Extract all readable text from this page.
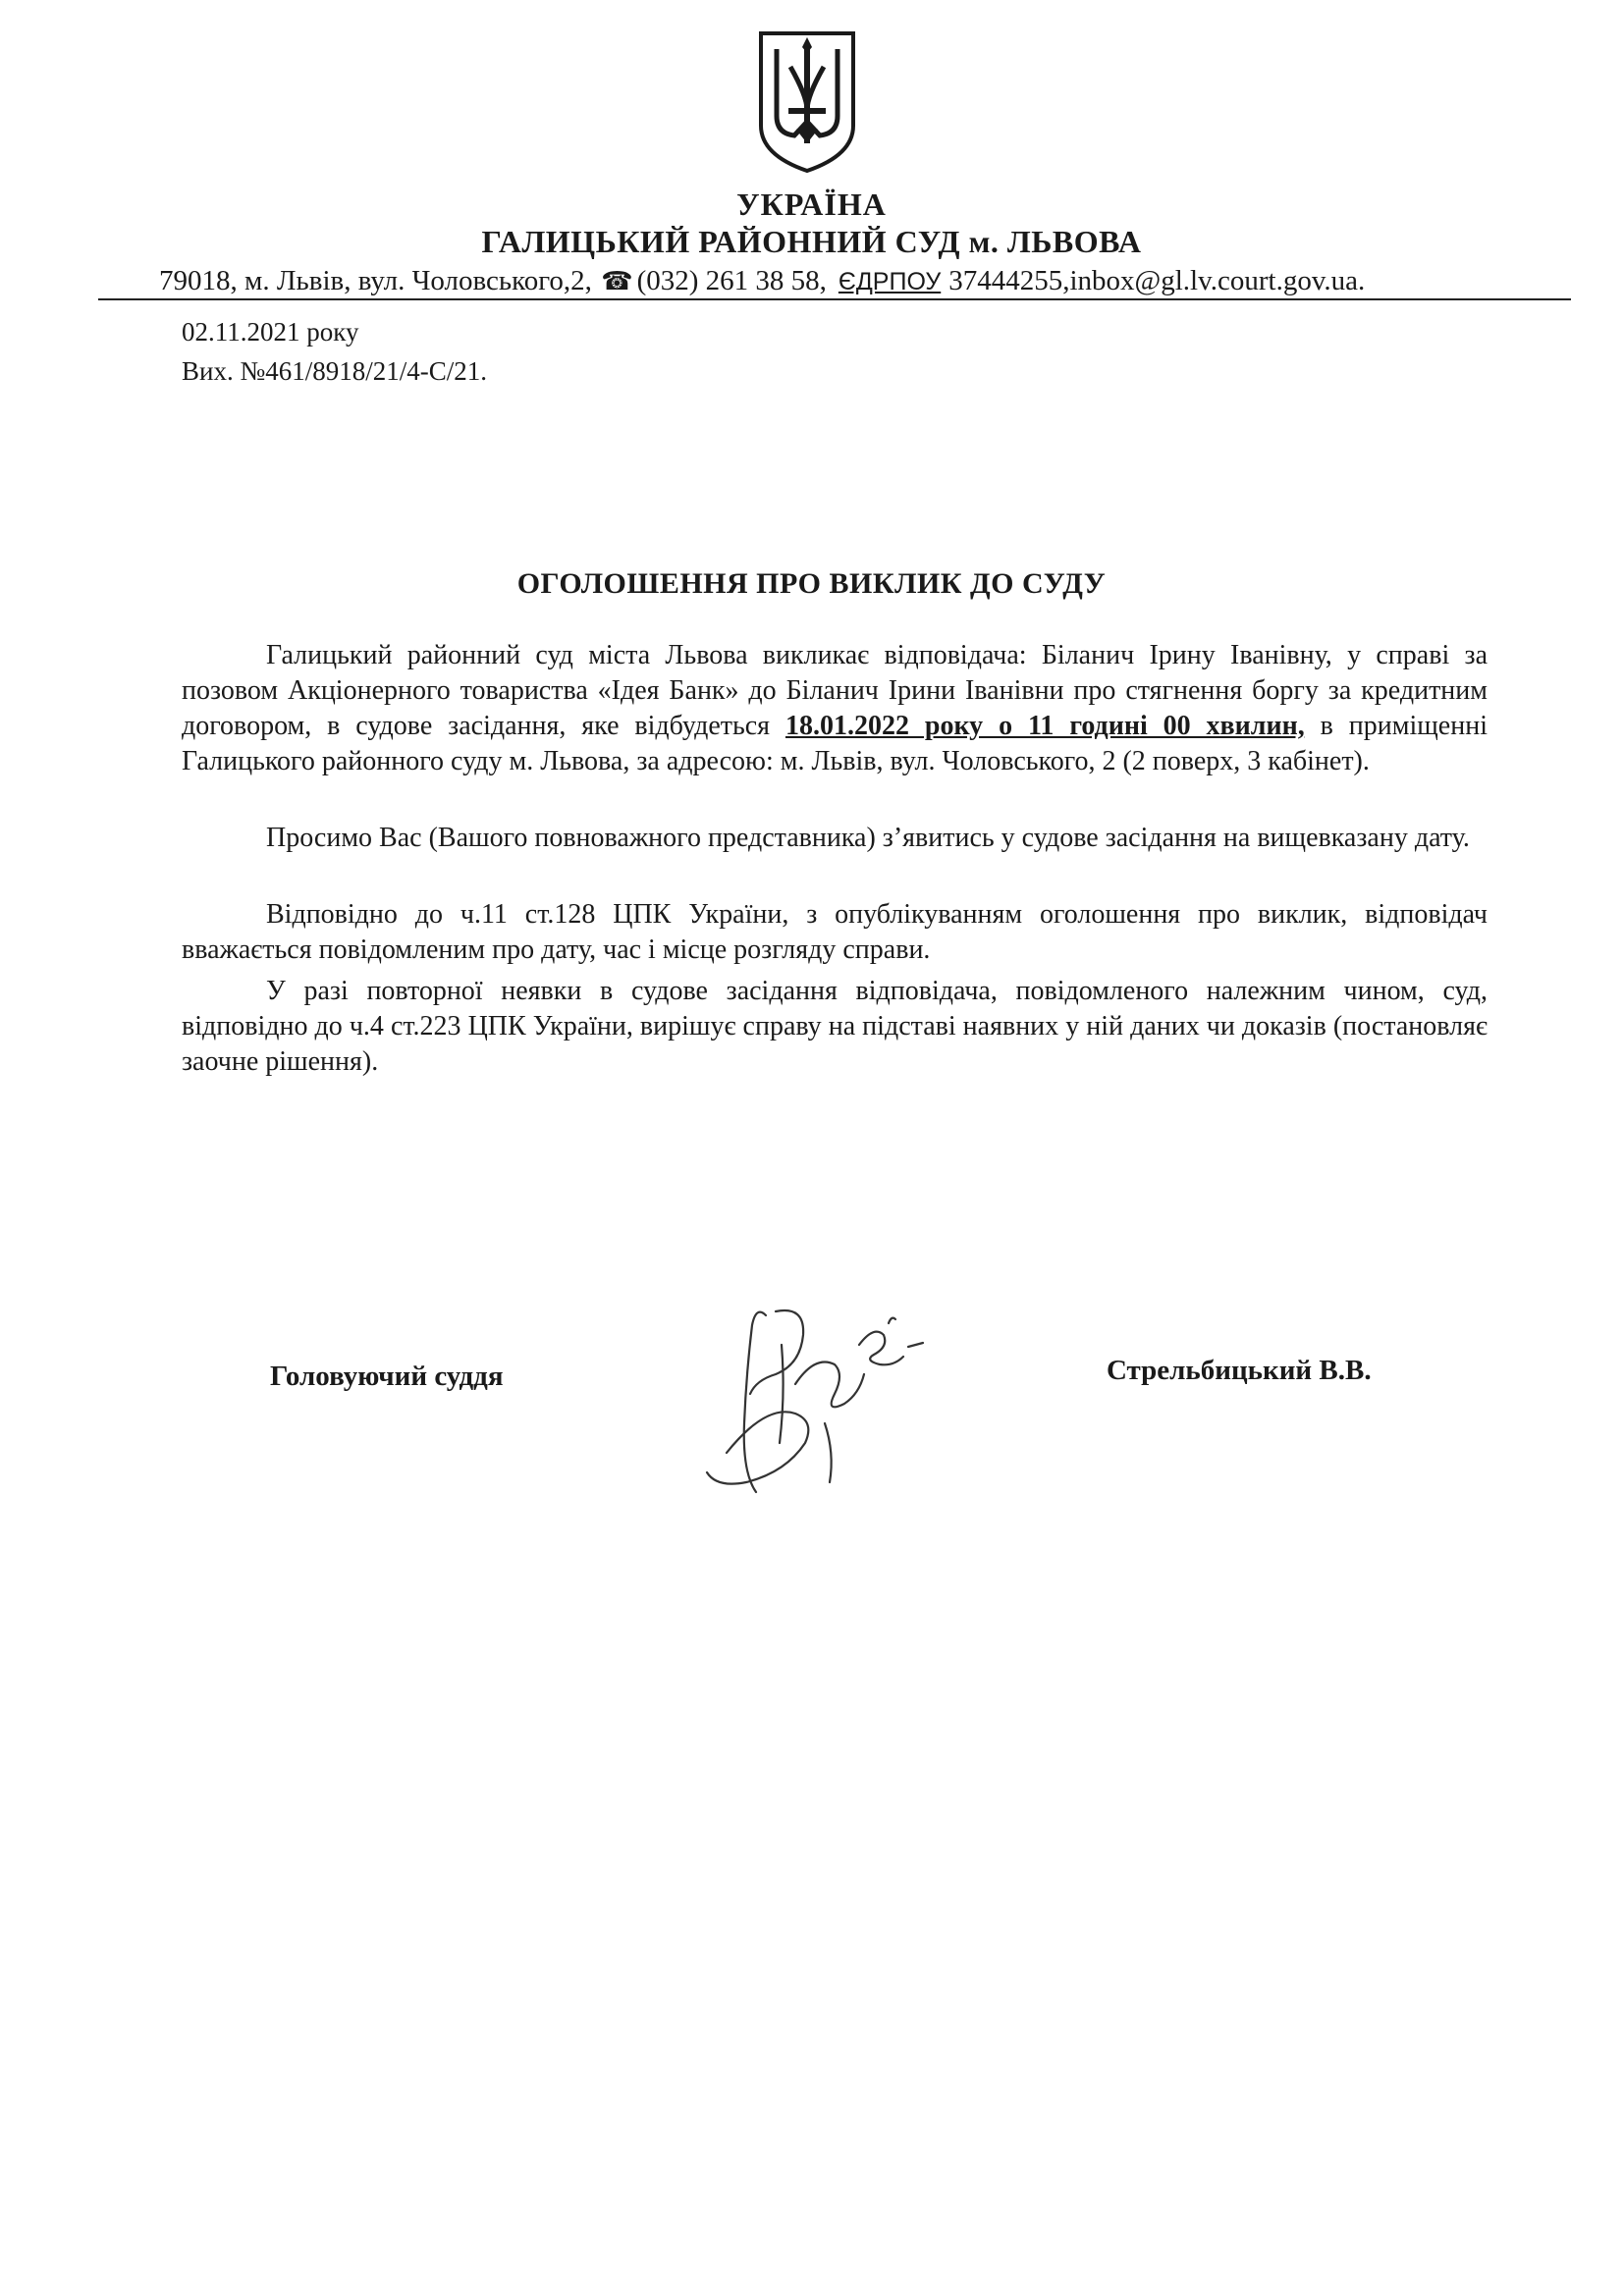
УКРАЇНА
ГАЛИЦЬКИЙ РАЙОННИЙ СУД м. ЛЬВОВА
79018, м. Львів, вул. Чоловського,2, ☎ (032) 261 38 58, ЄДРПОУ 37444255,inbox@gl.lv.court.gov.ua.
02.11.2021 року
Вих. №461/8918/21/4-С/21.
ОГОЛОШЕННЯ ПРО ВИКЛИК ДО СУДУ

Галицький районний суд міста Львова викликає відповідача: Біланич Ірину Іванівну, у справі за позовом Акціонерного товариства «Ідея Банк» до Біланич Ірини Іванівни про стягнення боргу за кредитним договором, в судове засідання, яке відбудеться 18.01.2022 року о 11 годині 00 хвилин, в приміщенні Галицького районного суду м. Львова, за адресою: м. Львів, вул. Чоловського, 2 (2 поверх, 3 кабінет).

Просимо Вас (Вашого повноважного представника) з’явитись у судове засідання на вищевказану дату.

Відповідно до ч.11 ст.128 ЦПК України, з опублікуванням оголошення про виклик, відповідач вважається повідомленим про дату, час і місце розгляду справи.

У разі повторної неявки в судове засідання відповідача, повідомленого належним чином, суд, відповідно до ч.4 ст.223 ЦПК України, вирішує справу на підставі наявних у ній даних чи доказів (постановляє заочне рішення).

Головуючий суддя	Стрельбицький В.В.
